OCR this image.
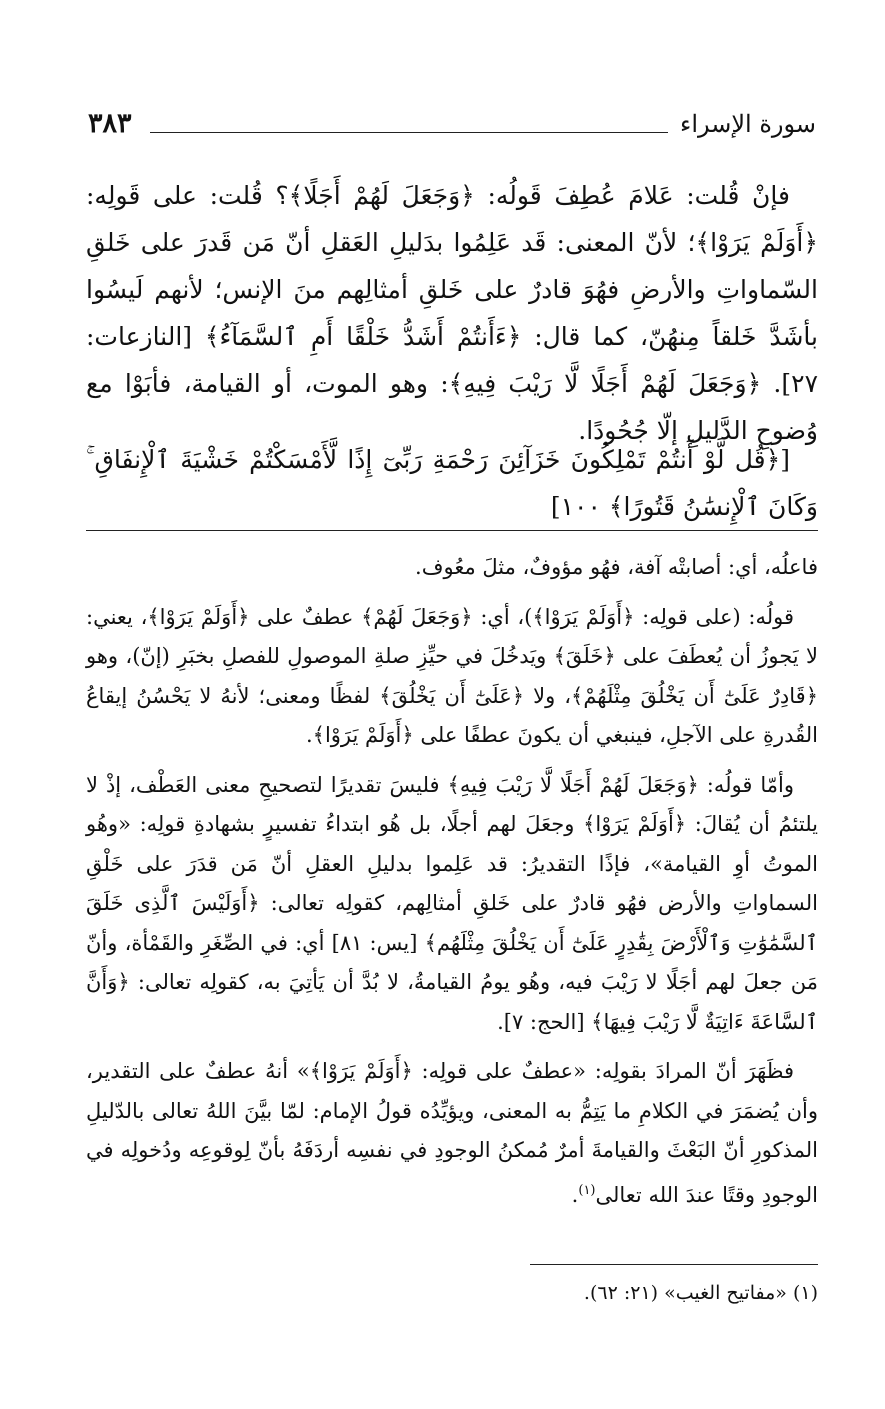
٣٨٣	سورة الإسراء

فإنْ قُلت: عَلامَ عُطِفَ قَولُه: ﴿وَجَعَلَ لَهُمْ أَجَلًا﴾؟ قُلت: على قَولِه: ﴿أَوَلَمْ يَرَوْا﴾؛ لأنّ المعنى: قَد عَلِمُوا بدَليلِ العَقلِ أنّ مَن قَدرَ على خَلقِ السّماواتِ والأرضِ فهُوَ قادرٌ على خَلقِ أمثالِهم منَ الإنس؛ لأنهم لَيسُوا بأشَدَّ خَلقاً مِنهُنّ، كما قال: ﴿ءَأَنتُمْ أَشَدُّ خَلْقًا أَمِ ٱلسَّمَآءُ﴾ [النازعات: ٢٧]. ﴿وَجَعَلَ لَهُمْ أَجَلًا لَّا رَيْبَ فِيهِ﴾: وهو الموت، أو القيامة، فأبَوْا مع وُضوحِ الدَّليلِ إلّا جُحُودًا.

[﴿قُل لَّوْ أَنتُمْ تَمْلِكُونَ خَزَآئِنَ رَحْمَةِ رَبِّىٓ إِذًا لَّأَمْسَكْتُمْ خَشْيَةَ ٱلْإِنفَاقِ ۚ وَكَانَ ٱلْإِنسَٰنُ قَتُورًا﴾ ١٠٠]

فاعلُه، أي: أصابتْه آفة، فهُو مؤوفٌ، مثلَ معُوف.

قولُه: (على قولِه: ﴿أَوَلَمْ يَرَوْا﴾)، أي: ﴿وَجَعَلَ لَهُمْ﴾ عطفٌ على ﴿أَوَلَمْ يَرَوْا﴾، يعني: لا يَجوزُ أن يُعطَفَ على ﴿خَلَقَ﴾ ويَدخُلَ في حيِّزِ صلةِ الموصولِ للفصلِ بخبَرِ (إنّ)، وهو ﴿قَادِرٌ عَلَىٰٓ أَن يَخْلُقَ مِثْلَهُمْ﴾، ولا ﴿عَلَىٰٓ أَن يَخْلُقَ﴾ لفظًا ومعنى؛ لأنهُ لا يَحْسُنُ إيقاعُ القُدرةِ على الآجلِ، فينبغي أن يكونَ عطفًا على ﴿أَوَلَمْ يَرَوْا﴾.

وأمّا قولُه: ﴿وَجَعَلَ لَهُمْ أَجَلًا لَّا رَيْبَ فِيهِ﴾ فليسَ تقديرًا لتصحيحِ معنى العَطْف، إذْ لا يلتئمُ أن يُقالَ: ﴿أَوَلَمْ يَرَوْا﴾ وجعَلَ لهم أجلًا، بل هُو ابتداءُ تفسيرٍ بشهادةِ قولِه: «وهُو الموتُ أوِ القيامة»، فإذًا التقديرُ: قد عَلِموا بدليلِ العقلِ أنّ مَن قدَرَ على خَلْقِ السماواتِ والأرض فهُو قادرٌ على خَلقِ أمثالِهم، كقولِه تعالى: ﴿أَوَلَيْسَ ٱلَّذِى خَلَقَ ٱلسَّمَٰوَٰتِ وَٱلْأَرْضَ بِقَٰدِرٍ عَلَىٰٓ أَن يَخْلُقَ مِثْلَهُم﴾ [يس: ٨١] أي: في الصِّغَرِ والقَمْأة، وأنّ مَن جعلَ لهم أجَلًا لا رَيْبَ فيه، وهُو يومُ القيامةُ، لا بُدَّ أن يَأتِيَ به، كقولِه تعالى: ﴿وَأَنَّ ٱلسَّاعَةَ ءَاتِيَةٌ لَّا رَيْبَ فِيهَا﴾ [الحج: ٧].

فظَهَرَ أنّ المرادَ بقولِه: «عطفٌ على قولِه: ﴿أَوَلَمْ يَرَوْا﴾» أنهُ عطفٌ على التقدير، وأن يُضمَرَ في الكلامِ ما يَتِمُّ به المعنى، ويؤيِّدُه قولُ الإمام: لمّا بيَّنَ اللهُ تعالى بالدّليلِ المذكورِ أنّ البَعْثَ والقيامةَ أمرٌ مُمكنُ الوجودِ في نفسِه أردَفَهُ بأنّ لِوقوعِه ودُخولِه في الوجودِ وقتًا عندَ الله تعالى$^{(١)}$.

(١) «مفاتيح الغيب» (٢١: ٦٢).
